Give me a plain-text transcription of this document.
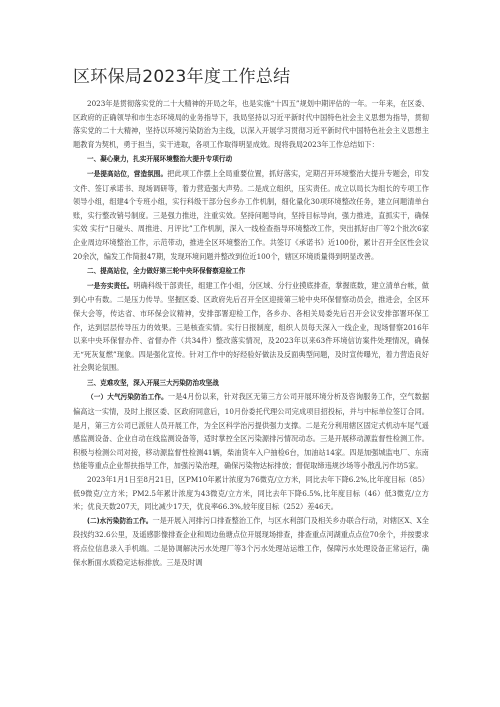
区环保局2023年度工作总结

2023年是贯彻落实党的二十大精神的开局之年，也是实施“十四五”规划中期评估的一年。一年来，在区委、区政府的正确领导和市生态环境局的业务指导下，我局坚持以习近平新时代中国特色社会主义思想为指导，贯彻落实党的二十大精神，坚持以环境污染防治为主线，以深入开展学习贯彻习近平新时代中国特色社会主义思想主题教育为契机，勇于担当，实干进取，各项工作取得明显成效。现将我局2023年工作总结如下：

一、凝心聚力，扎实开展环境整治大提升专项行动

一是提高站位，营造氛围。把此项工作摆上全局重要位置，抓好落实，定期召开环境整治大提升专题会，印发文件、签订承诺书、现场调研等，着力营造强大声势。二是成立组织，压实责任。成立以局长为组长的专项工作领导小组，组建4个专班小组，实行科级干部分包乡办工作机制，细化量化30项环境整改任务，建立问题清单台账，实行整改销号制度。三是强力推进，注重实效。坚持问题导向，坚持目标导向，强力推进，直抓实干，确保实效 实行“日碰头、周推进、月评比”工作机制，深入一线检查指导环境整改工作，突出抓好由厂等2个批次6家企业周边环境整治工作，示范带动，推进全区环境整治工作。共签订《承诺书》近100份，累计召开全区性会议20余次，编发工作简报47期，发现环境问题并整改到位近100个，辖区环境质量得到明显改善。

二、提高站位，全力做好第三轮中央环保督察迎检工作

一是夯实责任。明确科级干部责任，组建工作小组，分区域、分行业摸底排查，掌握底数，建立清单台帐，做到心中有数。二是压力传导。坚握区委、区政府先后召开全区迎接第三轮中央环保督察动员会，推进会，全区环保大会等，传达省、市环保会议精神，安排部署迎检工作，各乡办、各相关局委先后召开会议安排部署环保工作，达到层层传导压力的效果。三是核查实情。实行日报制度，组织人员每天深入一线企业，现场督察2016年以来中央环保督办件、省督办件（共34件）整改落实情况，及2023年以来63件环境信访案件处理情况，确保无“死灰复燃”现象。四是强化宣传。针对工作中的好经验好做法及反面典型问题，及时宣传曝光，着力营造良好社会舆论氛围。

三、克难攻坚，深入开展三大污染防治攻坚战

（一）大气污染防治工作。一是4月份以来，针对我区无第三方公司开展环境分析及咨询服务工作，空气数据偏高这一实情，及时上报区委、区政府同意后，10月份委托代理公司完成项目招投标，并与中标单位签订合同。是月，第三方公司已派驻人员开展工作，为全区科学治污提供强力支撑。二是充分利用辖区固定式机动车尾气遥感监测设备、企业自动在线监测设备等，适时掌控全区污染源排污情况动态。三是开展移动源监督性检测工作。积极与检测公司对接，移动源监督性检测41辆，柴油货车入户抽检6台，加油站14家。四是加强城监电厂、东南热能等重点企业帮扶指导工作，加强污染治理，确保污染物达标排放；督促取缔违规沙场等小散乱污作坊5家。

2023年1月1日至8月21日，区PM10年累计浓度为76微克/立方米，同比去年下降6.2%,比年度目标（85）低9微克/立方米；PM2.5年累计浓度为43微克/立方米，同比去年下降6.5%,比年度目标（46）低3微克/立方米；优良天数207天，同比减少17天，优良率66.3%,较年度目标（252）差46天。

(二)水污染防治工作。一是开展入河排污口排查整治工作，与区水利部门及相关乡办联合行动，对辖区X、X全段找约32.6公里，及遥感影像排查企业和周边鱼塘点位开展现场排查，排查重点河湖重点点位70余个，并按要求将点位信息录入手机端。二是协调解决污水处理厂等3个污水处理站运维工作，保障污水处理设备正常运行，确保水断面水质稳定达标排放。三是及时调
